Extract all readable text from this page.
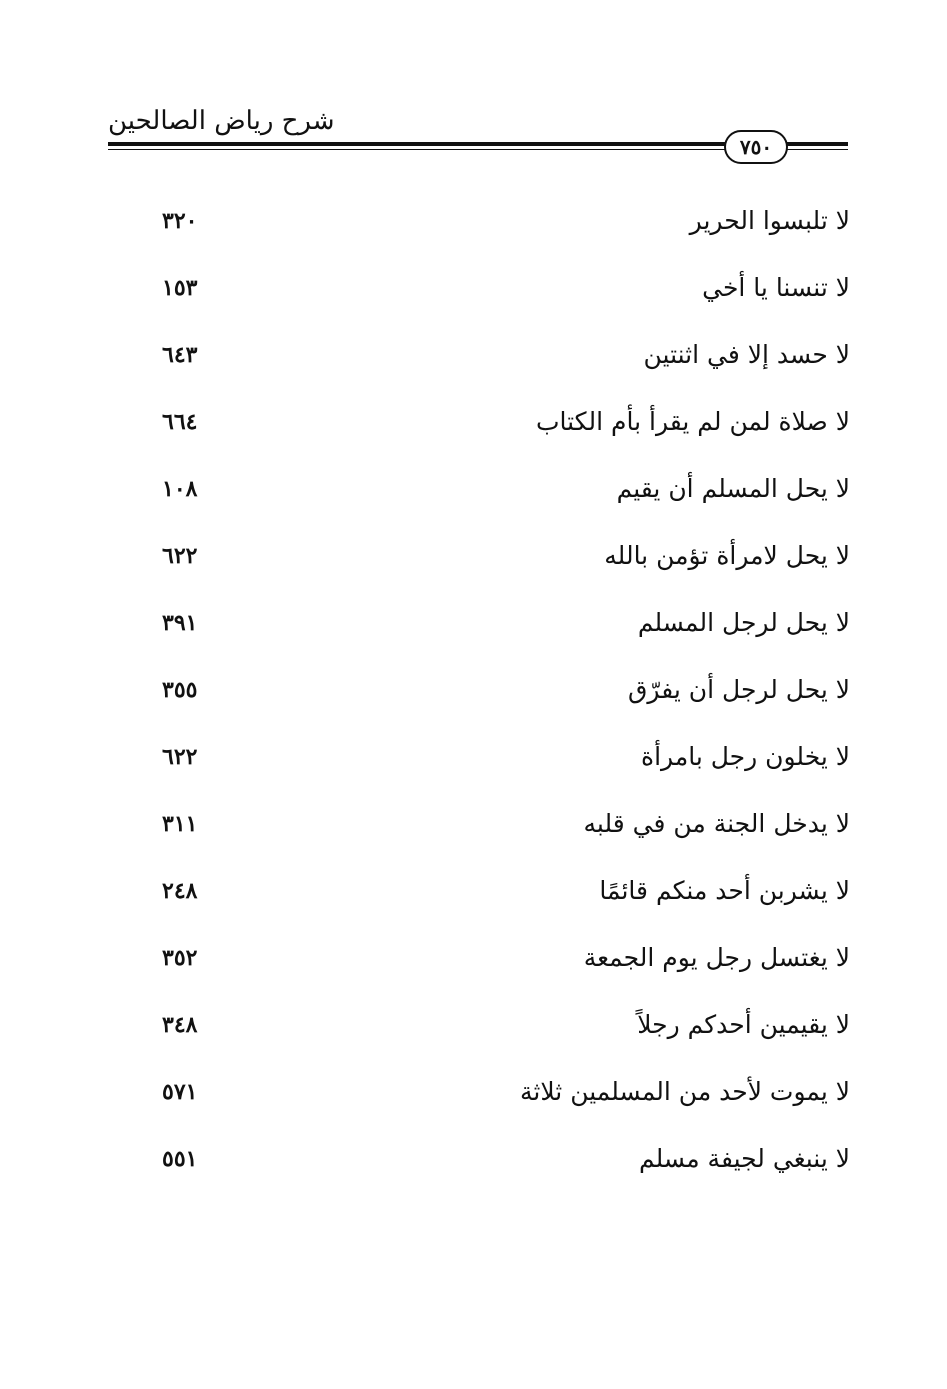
شرح رياض الصالحين
٧٥٠
لا تلبسوا الحرير
٣٢٠
لا تنسنا يا أخي
١٥٣
لا حسد إلا في اثنتين
٦٤٣
لا صلاة لمن لم يقرأ بأم الكتاب
٦٦٤
لا يحل المسلم أن يقيم
١٠٨
لا يحل لامرأة تؤمن بالله
٦٢٢
لا يحل لرجل المسلم
٣٩١
لا يحل لرجل أن يفرّق
٣٥٥
لا يخلون رجل بامرأة
٦٢٢
لا يدخل الجنة من في قلبه
٣١١
لا يشربن أحد منكم قائمًا
٢٤٨
لا يغتسل رجل يوم الجمعة
٣٥٢
لا يقيمين أحدكم رجلاً
٣٤٨
لا يموت لأحد من المسلمين ثلاثة
٥٧١
لا ينبغي لجيفة مسلم
٥٥١
